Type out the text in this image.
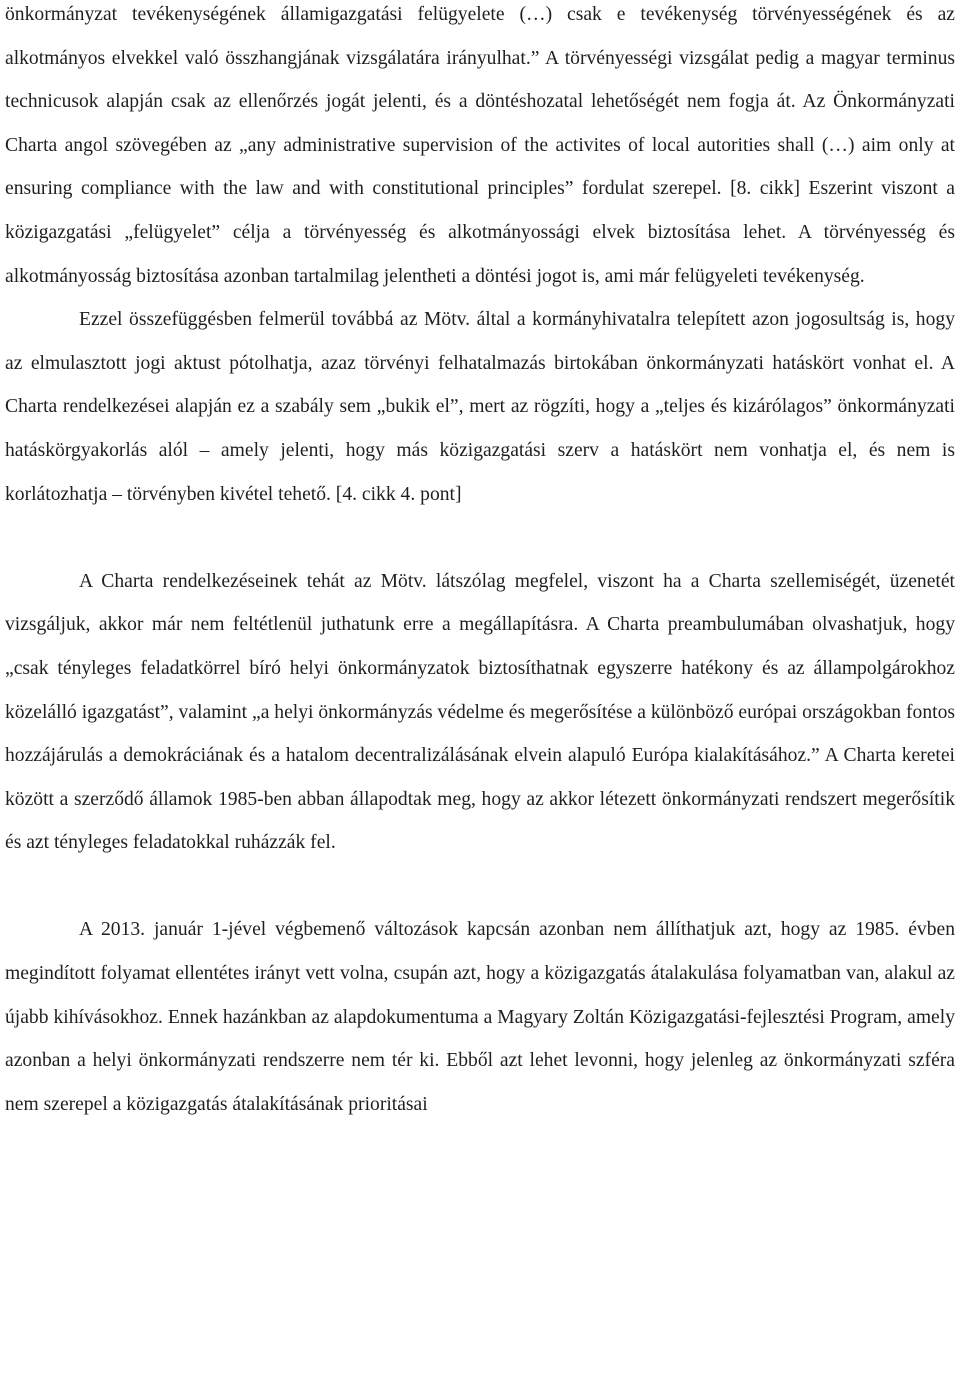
önkormányzat tevékenységének államigazgatási felügyelete (…) csak e tevékenység törvényességének és az alkotmányos elvekkel való összhangjának vizsgálatára irányulhat.” A törvényességi vizsgálat pedig a magyar terminus technicusok alapján csak az ellenőrzés jogát jelenti, és a döntéshozatal lehetőségét nem fogja át. Az Önkormányzati Charta angol szövegében az „any administrative supervision of the activites of local autorities shall (…) aim only at ensuring compliance with the law and with constitutional principles” fordulat szerepel. [8. cikk] Eszerint viszont a közigazgatási „felügyelet” célja a törvényesség és alkotmányossági elvek biztosítása lehet. A törvényesség és alkotmányosság biztosítása azonban tartalmilag jelentheti a döntési jogot is, ami már felügyeleti tevékenység.

Ezzel összefüggésben felmerül továbbá az Mötv. által a kormányhivatalra telepített azon jogosultság is, hogy az elmulasztott jogi aktust pótolhatja, azaz törvényi felhatalmazás birtokában önkormányzati hatáskört vonhat el. A Charta rendelkezései alapján ez a szabály sem „bukik el”, mert az rögzíti, hogy a „teljes és kizárólagos” önkormányzati hatáskörgyakorlás alól – amely jelenti, hogy más közigazgatási szerv a hatáskört nem vonhatja el, és nem is korlátozhatja – törvényben kivétel tehető. [4. cikk 4. pont]

A Charta rendelkezéseinek tehát az Mötv. látszólag megfelel, viszont ha a Charta szellemiségét, üzenetét vizsgáljuk, akkor már nem feltétlenül juthatunk erre a megállapításra. A Charta preambulumában olvashatjuk, hogy „csak tényleges feladatkörrel bíró helyi önkormányzatok biztosíthatnak egyszerre hatékony és az állampolgárokhoz közelálló igazgatást”, valamint „a helyi önkormányzás védelme és megerősítése a különböző európai országokban fontos hozzájárulás a demokráciának és a hatalom decentralizálásának elvein alapuló Európa kialakításához.” A Charta keretei között a szerződő államok 1985-ben abban állapodtak meg, hogy az akkor létezett önkormányzati rendszert megerősítik és azt tényleges feladatokkal ruházzák fel.

A 2013. január 1-jével végbemenő változások kapcsán azonban nem állíthatjuk azt, hogy az 1985. évben megindított folyamat ellentétes irányt vett volna, csupán azt, hogy a közigazgatás átalakulása folyamatban van, alakul az újabb kihívásokhoz. Ennek hazánkban az alapdokumentuma a Magyary Zoltán Közigazgatási-fejlesztési Program, amely azonban a helyi önkormányzati rendszerre nem tér ki. Ebből azt lehet levonni, hogy jelenleg az önkormányzati szféra nem szerepel a közigazgatás átalakításának prioritásai
